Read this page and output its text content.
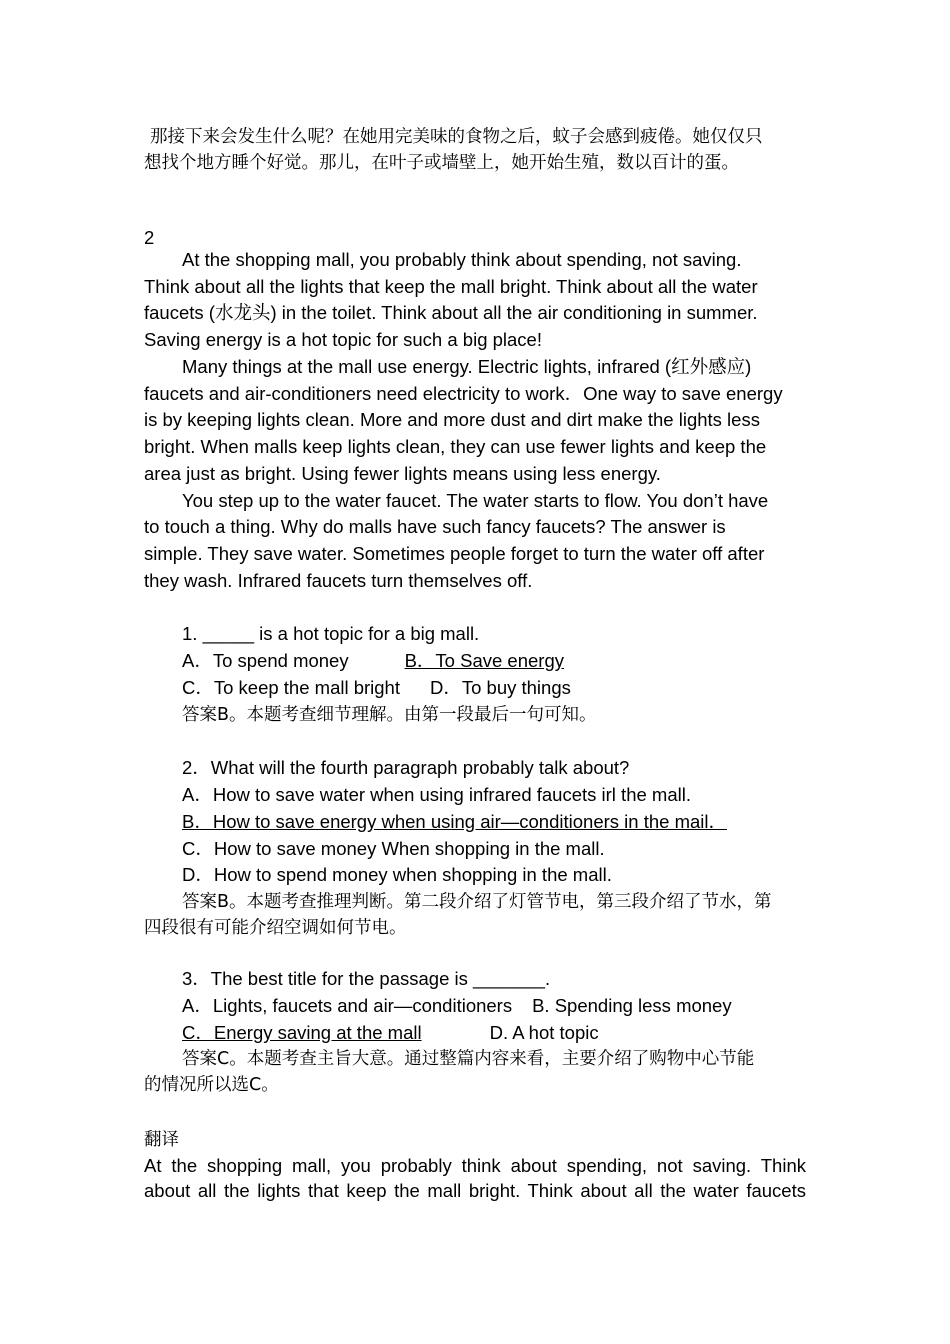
那接下来会发生什么呢？在她用完美味的食物之后，蚊子会感到疲倦。她仅仅只
想找个地方睡个好觉。那儿，在叶子或墙壁上，她开始生殖，数以百计的蛋。
2
At the shopping mall, you probably think about spending, not saving.
Think about all the lights that keep the mall bright. Think about all the water
faucets (水龙头) in the toilet. Think about all the air conditioning in summer.
Saving energy is a hot topic for such a big place!
Many things at the mall use energy. Electric lights, infrared (红外感应)
faucets and air-conditioners need electricity to work．One way to save energy
is by keeping lights clean. More and more dust and dirt make the lights less
bright. When malls keep lights clean, they can use fewer lights and keep the
area just as bright. Using fewer lights means using less energy.
You step up to the water faucet. The water starts to flow. You don’t have
to touch a thing. Why do malls have such fancy faucets? The answer is
simple. They save water. Sometimes people forget to turn the water off after
they wash. Infrared faucets turn themselves off.
1. _____ is a hot topic for a big mall.
A．To spend money	B．To Save energy
C．To keep the mall bright D．To buy things
答案B。本题考查细节理解。由第一段最后一句可知。
2．What will the fourth paragraph probably talk about?
A．How to save water when using infrared faucets irl the mall.
B．How to save energy when using air—conditioners in the mail．
C．How to save money When shopping in the mall.
D．How to spend money when shopping in the mall.
答案B。本题考查推理判断。第二段介绍了灯管节电，第三段介绍了节水，第
四段很有可能介绍空调如何节电。
3．The best title for the passage is _______.
A．Lights, faucets and air—conditioners B. Spending less money
C．Energy saving at the mall	D. A hot topic
答案C。本题考查主旨大意。通过整篇内容来看，主要介绍了购物中心节能
的情况所以选C。
翻译
At the shopping mall, you probably think about spending, not saving. Think
about all the lights that keep the mall bright. Think about all the water faucets
